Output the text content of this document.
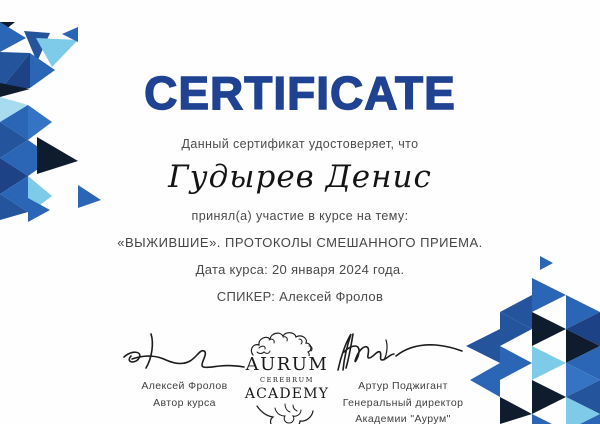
CERTIFICATE
Данный сертификат удостоверяет, что
Гудырев Денис
принял(а) участие в курсе на тему:
«ВЫЖИВШИЕ». ПРОТОКОЛЫ СМЕШАННОГО ПРИЕМА.
Дата курса: 20 января 2024 года.
СПИКЕР: Алексей Фролов
Алексей Фролов
Автор курса
AURUM
CEREBRUM
ACADEMY	Артур Поджигант
Генеральный директор
Академии "Аурум"
